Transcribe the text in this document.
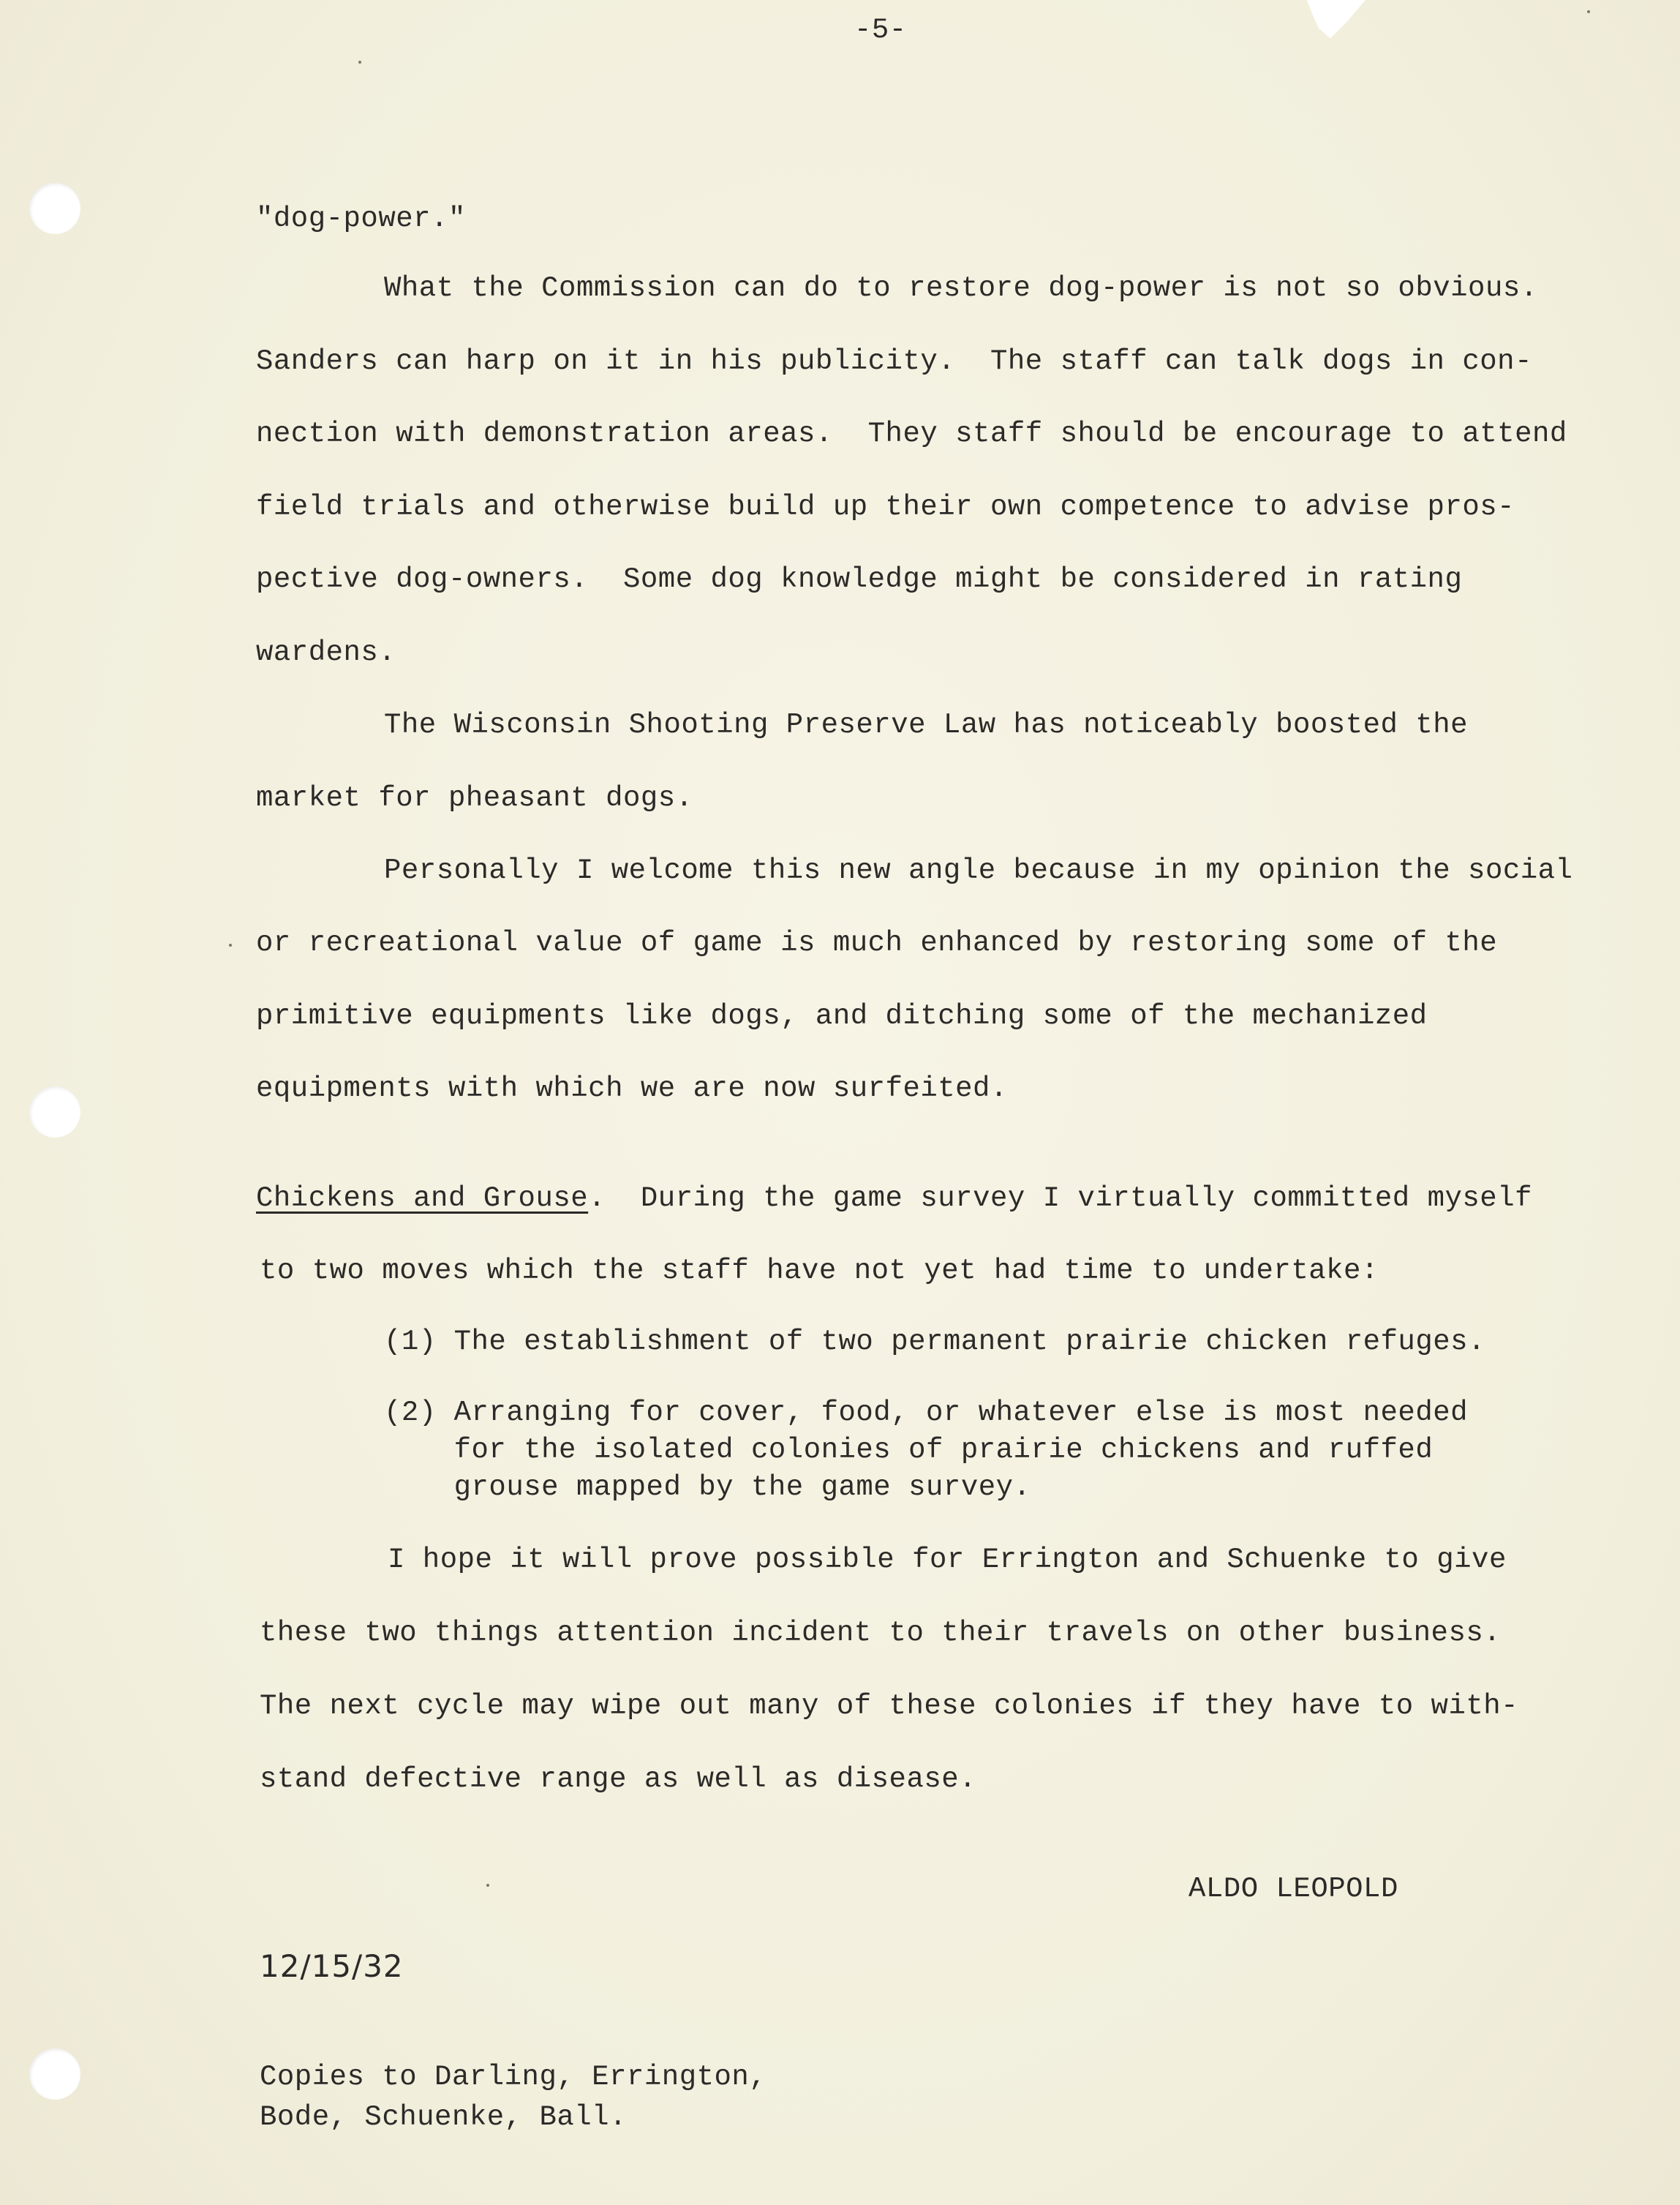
-5-
"dog-power."
What the Commission can do to restore dog-power is not so obvious.
Sanders can harp on it in his publicity.  The staff can talk dogs in con-
nection with demonstration areas.  They staff should be encourage to attend
field trials and otherwise build up their own competence to advise pros-
pective dog-owners.  Some dog knowledge might be considered in rating
wardens.
The Wisconsin Shooting Preserve Law has noticeably boosted the
market for pheasant dogs.
Personally I welcome this new angle because in my opinion the social
or recreational value of game is much enhanced by restoring some of the
primitive equipments like dogs, and ditching some of the mechanized
equipments with which we are now surfeited.
Chickens and Grouse.  During the game survey I virtually committed myself
to two moves which the staff have not yet had time to undertake:
(1) The establishment of two permanent prairie chicken refuges.
(2) Arranging for cover, food, or whatever else is most needed
for the isolated colonies of prairie chickens and ruffed
grouse mapped by the game survey.
I hope it will prove possible for Errington and Schuenke to give
these two things attention incident to their travels on other business.
The next cycle may wipe out many of these colonies if they have to with-
stand defective range as well as disease.
ALDO LEOPOLD
12/15/32
Copies to Darling, Errington,
Bode, Schuenke, Ball.
